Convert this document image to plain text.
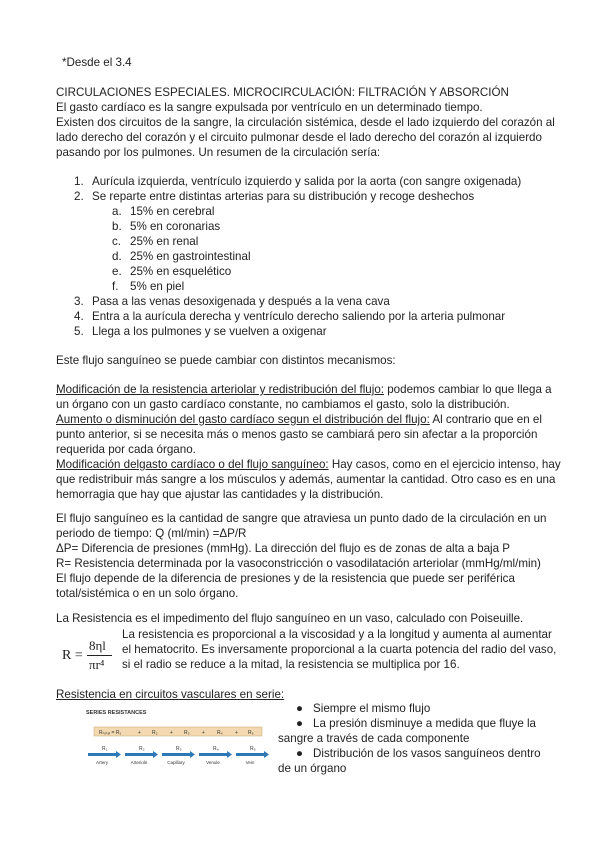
*Desde el 3.4
CIRCULACIONES ESPECIALES. MICROCIRCULACIÓN: FILTRACIÓN Y ABSORCIÓN
El gasto cardíaco es la sangre expulsada por ventrículo en un determinado tiempo.
Existen dos circuitos de la sangre, la circulación sistémica, desde el lado izquierdo del corazón al
lado derecho del corazón y el circuito pulmonar desde el lado derecho del corazón al izquierdo
pasando por los pulmones. Un resumen de la circulación sería:
1. Aurícula izquierda, ventrículo izquierdo y salida por la aorta (con sangre oxigenada)
2. Se reparte entre distintas arterias para su distribución y recoge deshechos
a. 15% en cerebral
b. 5% en coronarias
c. 25% en renal
d. 25% en gastrointestinal
e. 25% en esquelético
f. 5% en piel
3. Pasa a las venas desoxigenada y después a la vena cava
4. Entra a la aurícula derecha y ventrículo derecho saliendo por la arteria pulmonar
5. Llega a los pulmones y se vuelven a oxigenar
Este flujo sanguíneo se puede cambiar con distintos mecanismos:
Modificación de la resistencia arteriolar y redistribución del flujo: podemos cambiar lo que llega a
un órgano con un gasto cardíaco constante, no cambiamos el gasto, solo la distribución.
Aumento o disminución del gasto cardíaco segun el distribución del flujo: Al contrario que en el
punto anterior, si se necesita más o menos gasto se cambiará pero sin afectar a la proporción
requerida por cada órgano.
Modificación delgasto cardíaco o del flujo sanguíneo: Hay casos, como en el ejercicio intenso, hay
que redistribuir más sangre a los músculos y además, aumentar la cantidad. Otro caso es en una
hemorragia que hay que ajustar las cantidades y la distribución.
El flujo sanguíneo es la cantidad de sangre que atraviesa un punto dado de la circulación en un
periodo de tiempo: Q (ml/min) =ΔP/R
ΔP= Diferencia de presiones (mmHg). La dirección del flujo es de zonas de alta a baja P
R= Resistencia determinada por la vasoconstricción o vasodilatación arteriolar (mmHg/ml/min)
El flujo depende de la diferencia de presiones y de la resistencia que puede ser periférica
total/sistémica o en un solo órgano.
La Resistencia es el impedimento del flujo sanguíneo en un vaso, calculado con Poiseuille.
R =
8ηl
πr⁴
La resistencia es proporcional a la viscosidad y a la longitud y aumenta al aumentar
el hematocrito. Es inversamente proporcional a la cuarta potencia del radio del vaso,
si el radio se reduce a la mitad, la resistencia se multiplica por 16.
Resistencia en circuitos vasculares en serie:
SERIES RESISTANCES
Rₜₒₜₐₗ = R₁	+ R₂ + R₃ + R₄ + R₅
R₁
Artery
R₂
Arteriole
R₃
Capillary
R₄
Venule
R₅
Vein
● Siempre el mismo flujo
● La presión disminuye a medida que fluye la
sangre a través de cada componente
● Distribución de los vasos sanguíneos dentro
de un órgano
